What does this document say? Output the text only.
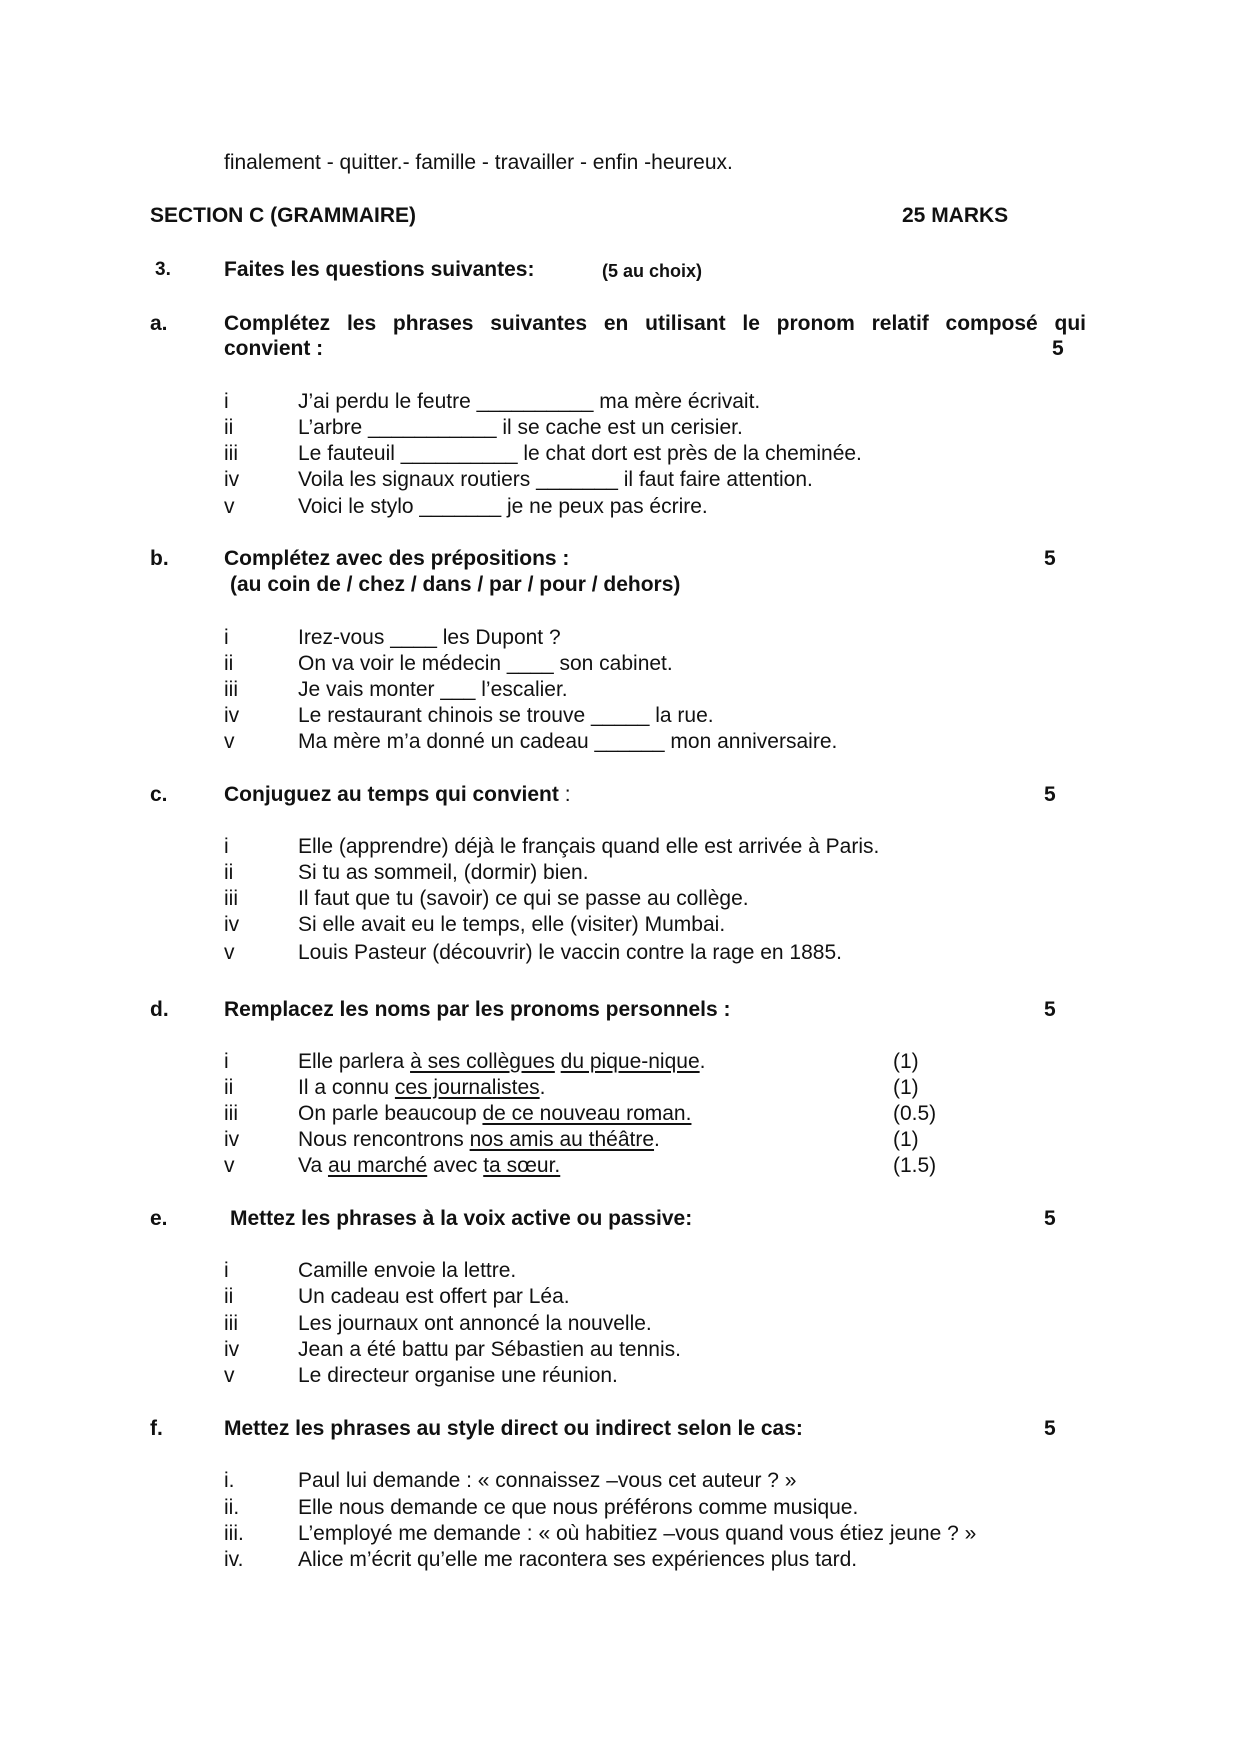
finalement - quitter.- famille - travailler - enfin -heureux.
SECTION C (GRAMMAIRE)	25 MARKS
3.	Faites les questions suivantes:	(5 au choix)
a.	Complétez les phrases suivantes en utilisant le pronom relatif composé qui
convient :	5
i	J’ai perdu le feutre __________ ma mère écrivait.
ii	L’arbre ___________ il se cache est un cerisier.
iii	Le fauteuil __________ le chat dort est près de la cheminée.
iv	Voila les signaux routiers _______ il faut faire attention.
v	Voici le stylo _______ je ne peux pas écrire.
b.	Complétez avec des prépositions :	5
(au coin de / chez / dans / par / pour / dehors)
i	Irez-vous ____ les Dupont ?
ii	On va voir le médecin ____ son cabinet.
iii	Je vais monter ___ l’escalier.
iv	Le restaurant chinois se trouve _____ la rue.
v	Ma mère m’a donné un cadeau ______ mon anniversaire.
c.	Conjuguez au temps qui convient :	5
i	Elle (apprendre) déjà le français quand elle est arrivée à Paris.
ii	Si tu as sommeil, (dormir) bien.
iii	Il faut que tu (savoir) ce qui se passe au collège.
iv	Si elle avait eu le temps, elle (visiter) Mumbai.
v	Louis Pasteur (découvrir) le vaccin contre la rage en 1885.
d.	Remplacez les noms par les pronoms personnels :	5
i	Elle parlera à ses collègues du pique-nique.	(1)
ii	Il a connu ces journalistes.	(1)
iii	On parle beaucoup de ce nouveau roman.	(0.5)
iv	Nous rencontrons nos amis au théâtre.	(1)
v	Va au marché avec ta sœur.	(1.5)
e.	Mettez les phrases à la voix active ou passive:	5
i	Camille envoie la lettre.
ii	Un cadeau est offert par Léa.
iii	Les journaux ont annoncé la nouvelle.
iv	Jean a été battu par Sébastien au tennis.
v	Le directeur organise une réunion.
f.	Mettez les phrases au style direct ou indirect selon le cas:	5
i.	Paul lui demande : « connaissez –vous cet auteur ? »
ii.	Elle nous demande ce que nous préférons comme musique.
iii.	L’employé me demande : « où habitiez –vous quand vous étiez jeune ? »
iv.	Alice m’écrit qu’elle me racontera ses expériences plus tard.
